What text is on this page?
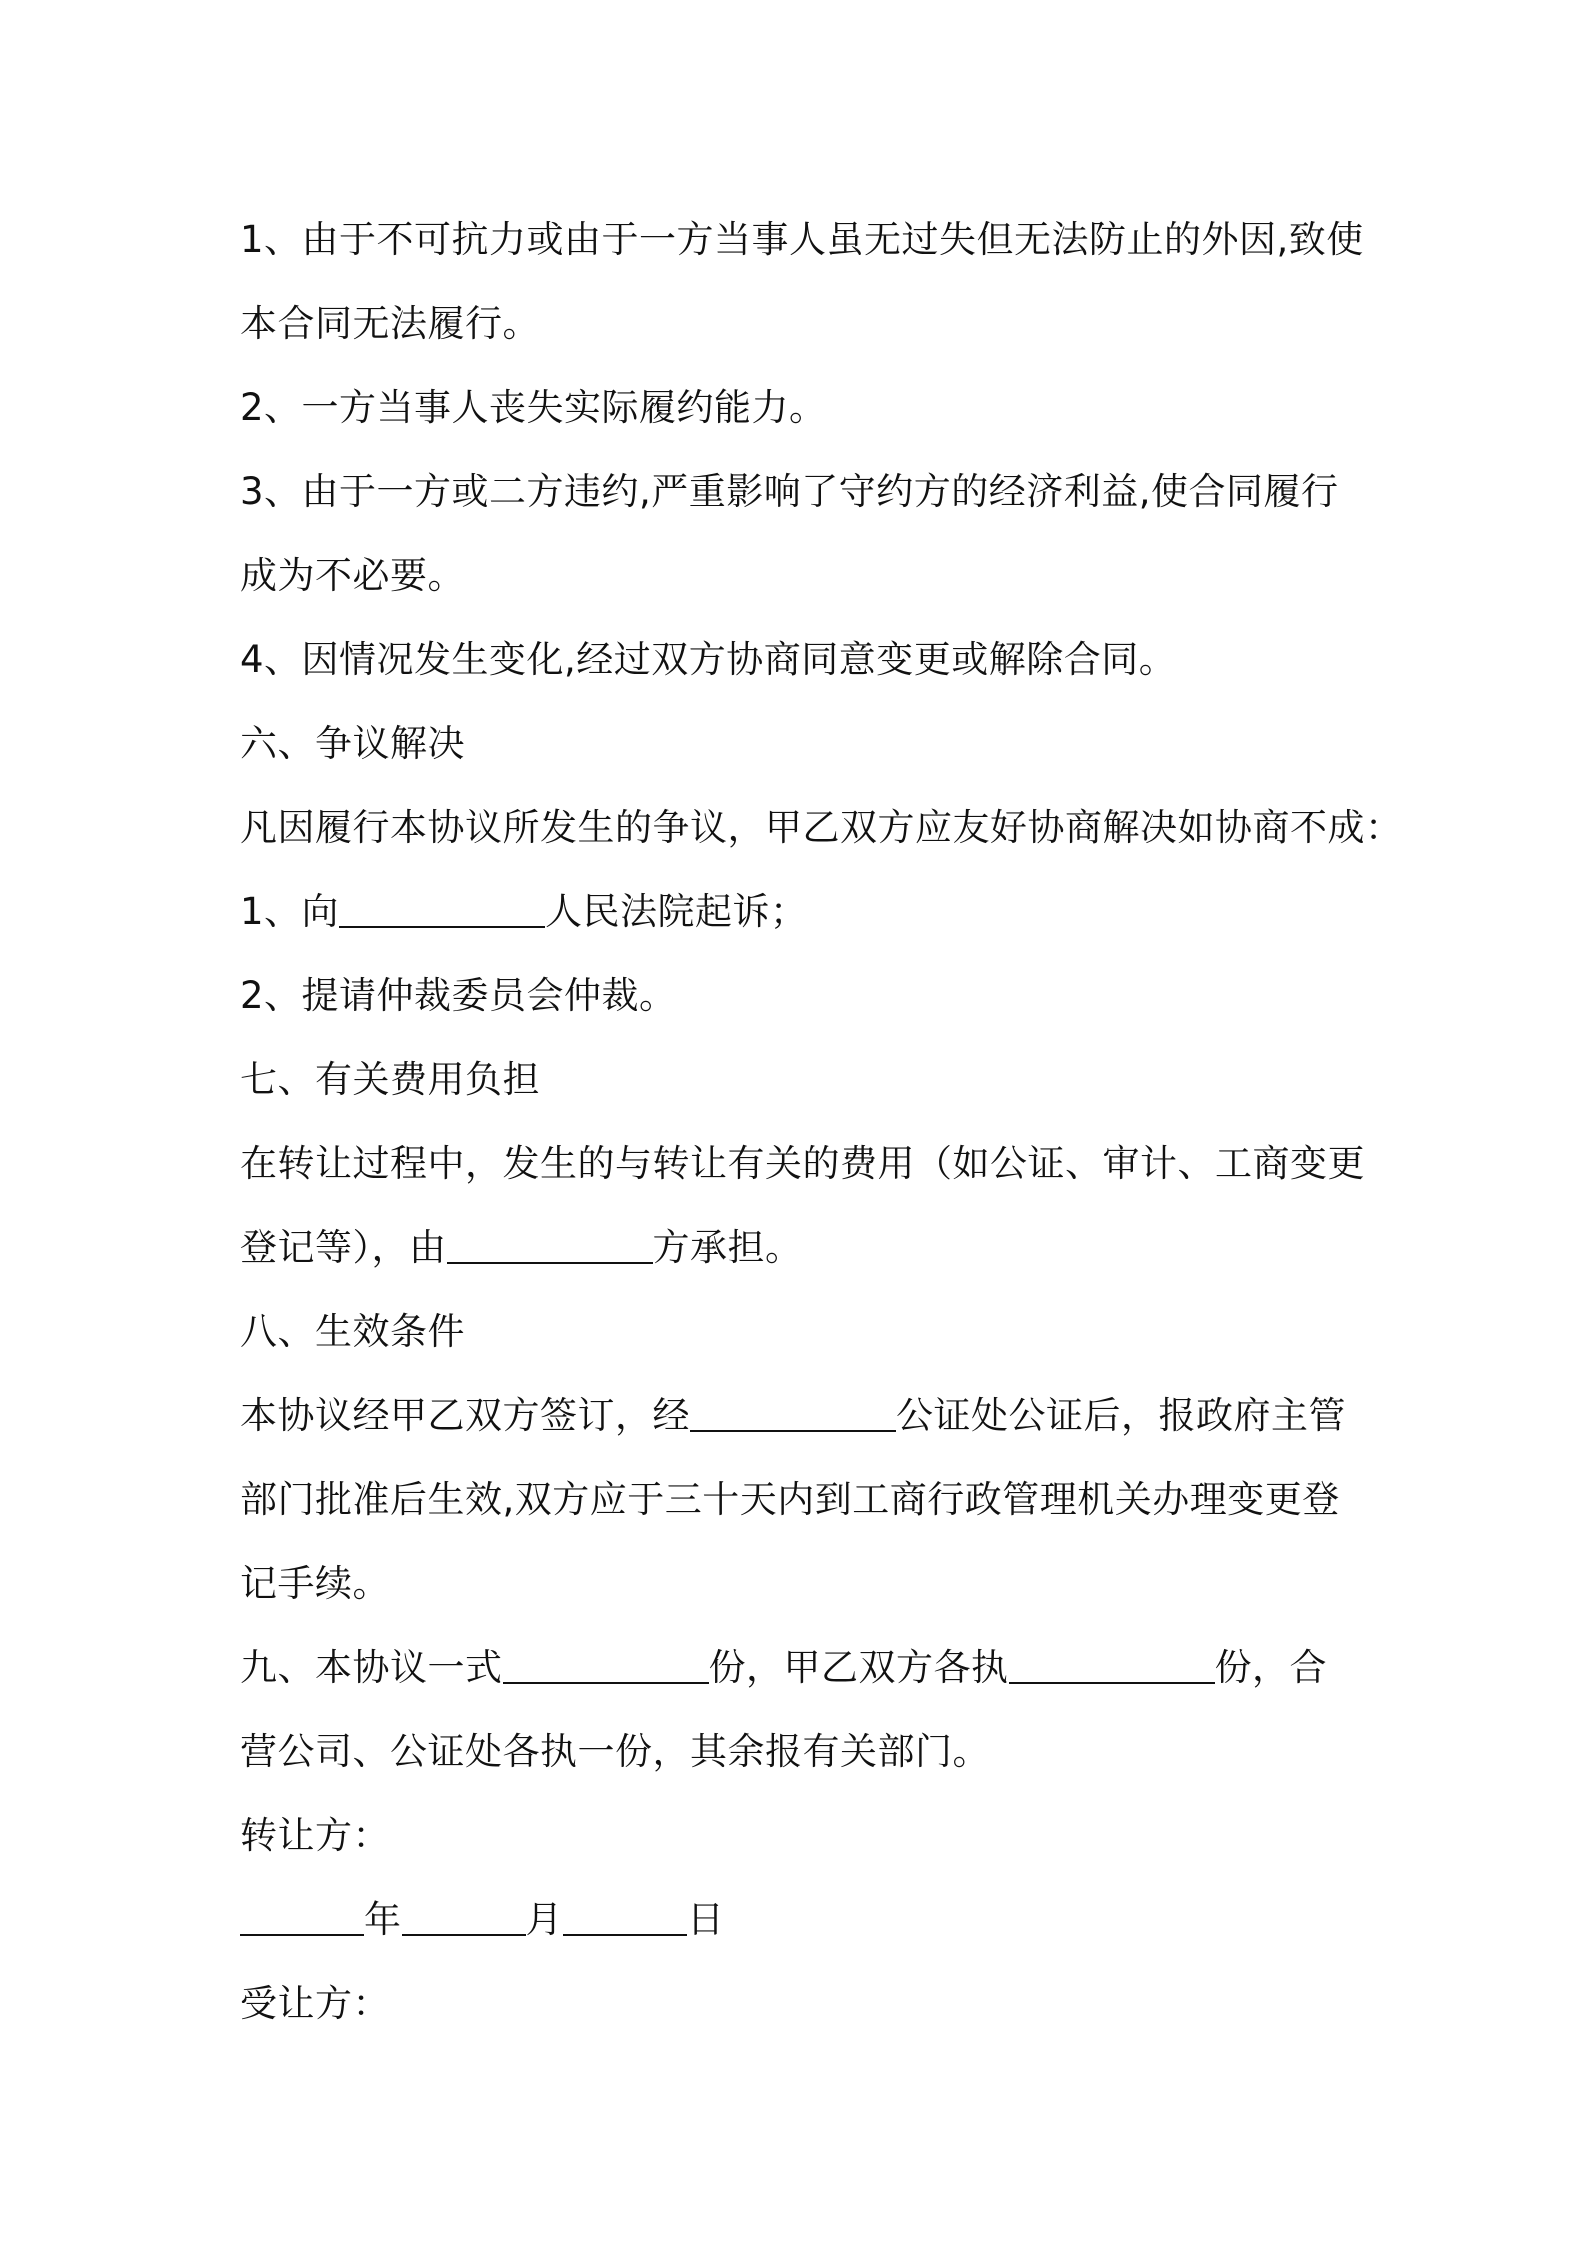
1、由于不可抗力或由于一方当事人虽无过失但无法防止的外因,致使
本合同无法履行。
2、一方当事人丧失实际履约能力。
3、由于一方或二方违约,严重影响了守约方的经济利益,使合同履行
成为不必要。
4、因情况发生变化,经过双方协商同意变更或解除合同。
六、争议解决
凡因履行本协议所发生的争议，甲乙双方应友好协商解决如协商不成：
1、向	人民法院起诉；
2、提请仲裁委员会仲裁。
七、有关费用负担
在转让过程中，发生的与转让有关的费用（如公证、审计、工商变更
登记等），由	方承担。
八、生效条件
本协议经甲乙双方签订，经	公证处公证后，报政府主管
部门批准后生效,双方应于三十天内到工商行政管理机关办理变更登
记手续。
九、本协议一式	份，甲乙双方各执	份，合
营公司、公证处各执一份，其余报有关部门。
转让方：
年	月	日
受让方：
